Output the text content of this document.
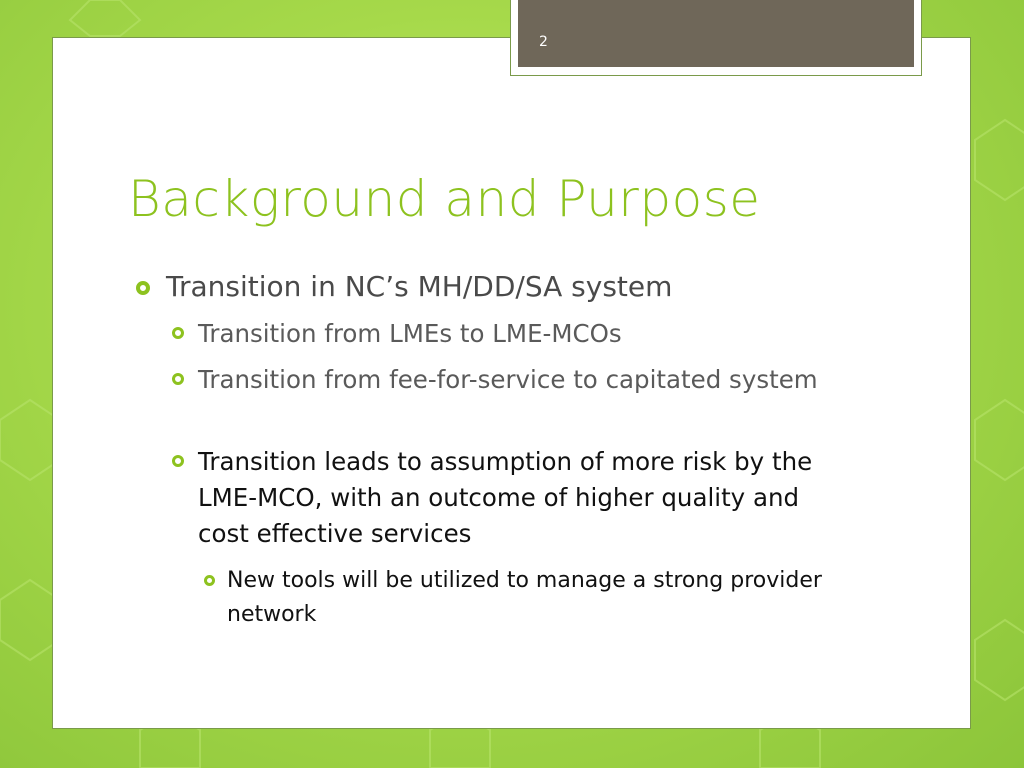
2
Background and Purpose
Transition in NC’s MH/DD/SA system
Transition from LMEs to LME-MCOs
Transition from fee-for-service to capitated system
Transition leads to assumption of more risk by the LME-MCO, with an outcome of higher quality and cost effective services
New tools will be utilized to manage a strong provider network
